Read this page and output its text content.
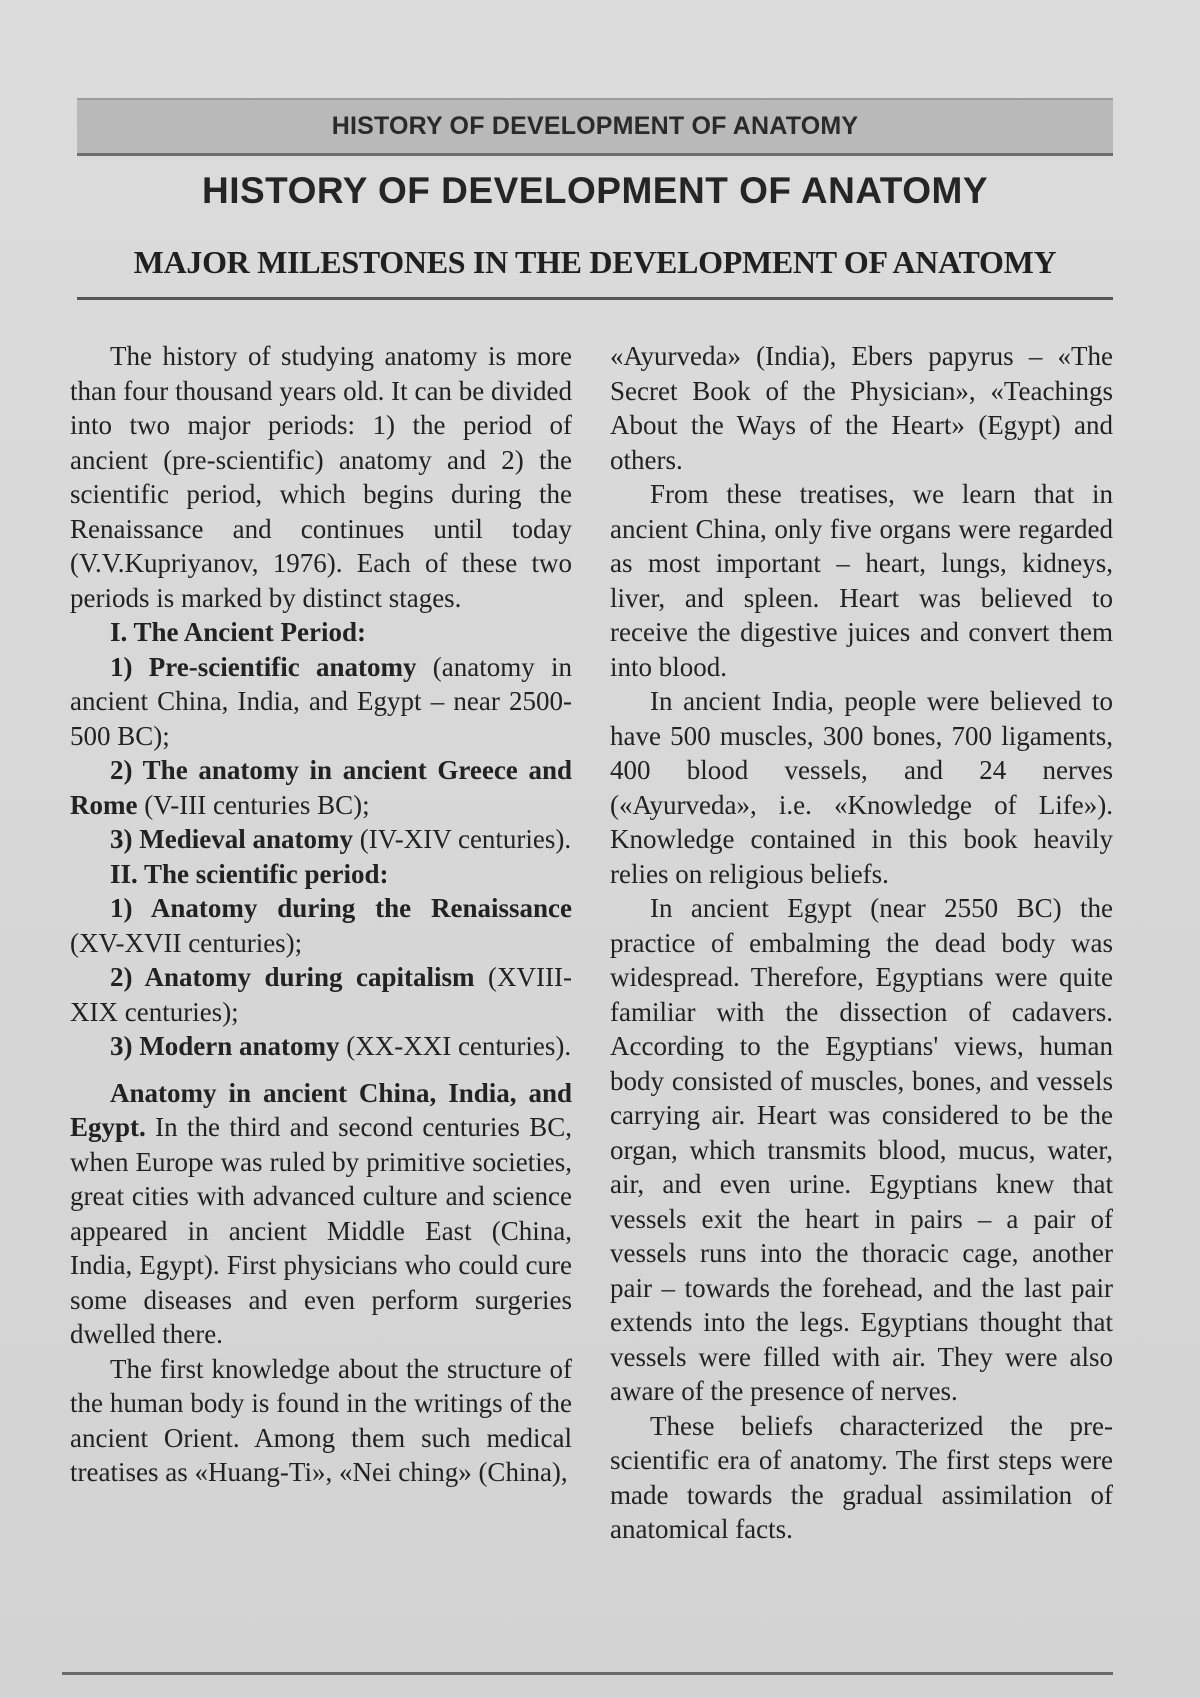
HISTORY OF DEVELOPMENT OF ANATOMY
HISTORY OF DEVELOPMENT OF ANATOMY
MAJOR MILESTONES IN THE DEVELOPMENT OF ANATOMY

The history of studying anatomy is more than four thousand years old. It can be divided into two major periods: 1) the period of ancient (pre-scientific) anatomy and 2) the scientific period, which begins during the Renaissance and continues until today (V.V.Kupriyanov, 1976). Each of these two periods is marked by distinct stages.

I. The Ancient Period:

1) Pre-scientific anatomy (anatomy in ancient China, India, and Egypt – near 2500-500 BC);

2) The anatomy in ancient Greece and Rome (V-III centuries BC);

3) Medieval anatomy (IV-XIV centuries).

II. The scientific period:

1) Anatomy during the Renaissance (XV-XVII centuries);

2) Anatomy during capitalism (XVIII-XIX centuries);

3) Modern anatomy (XX-XXI centuries).

Anatomy in ancient China, India, and Egypt. In the third and second centuries BC, when Europe was ruled by primitive societies, great cities with advanced culture and science appeared in ancient Middle East (China, India, Egypt). First physicians who could cure some diseases and even perform surgeries dwelled there.

The first knowledge about the structure of the human body is found in the writings of the ancient Orient. Among them such medical treatises as «Huang-Ti», «Nei ching» (China),

«Ayurveda» (India), Ebers papyrus – «The Secret Book of the Physician», «Teachings About the Ways of the Heart» (Egypt) and others.

From these treatises, we learn that in ancient China, only five organs were regarded as most important – heart, lungs, kidneys, liver, and spleen. Heart was believed to receive the digestive juices and convert them into blood.

In ancient India, people were believed to have 500 muscles, 300 bones, 700 ligaments, 400 blood vessels, and 24 nerves («Ayurveda», i.e. «Knowledge of Life»). Knowledge contained in this book heavily relies on religious beliefs.

In ancient Egypt (near 2550 BC) the practice of embalming the dead body was widespread. Therefore, Egyptians were quite familiar with the dissection of cadavers. According to the Egyptians' views, human body consisted of muscles, bones, and vessels carrying air. Heart was considered to be the organ, which transmits blood, mucus, water, air, and even urine. Egyptians knew that vessels exit the heart in pairs – a pair of vessels runs into the thoracic cage, another pair – towards the forehead, and the last pair extends into the legs. Egyptians thought that vessels were filled with air. They were also aware of the presence of nerves.

These beliefs characterized the pre-scientific era of anatomy. The first steps were made towards the gradual assimilation of anatomical facts.
